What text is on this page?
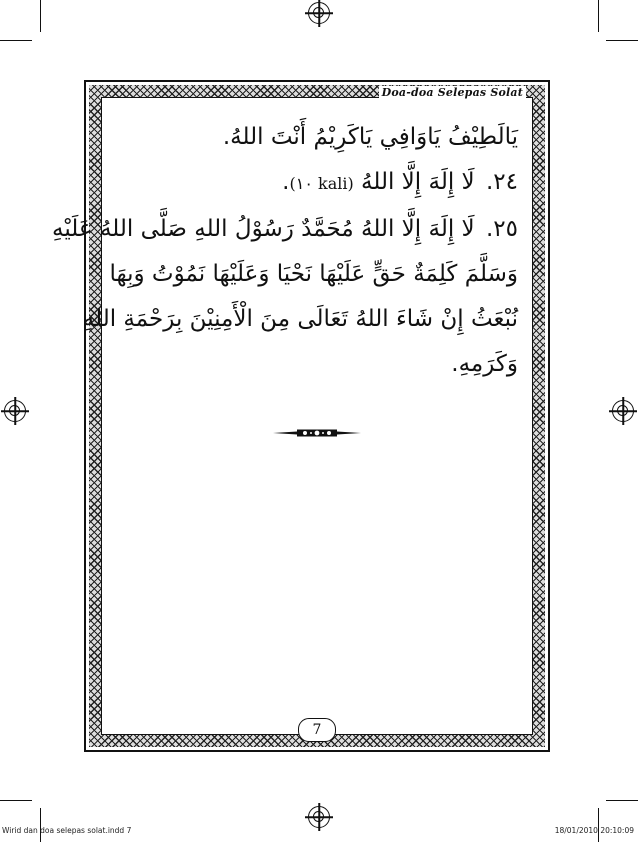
Doa-doa Selepas Solat
يَالَطِيْفُ يَاوَافِي يَاكَرِيْمُ أَنْتَ اللهُ.
٢٤. لَا إِلَهَ إِلَّا اللهُ (١٠ kali).
٢٥. لَا إِلَهَ إِلَّا اللهُ مُحَمَّدٌ رَسُوْلُ اللهِ صَلَّى اللهُ عَلَيْهِ
وَسَلَّمَ كَلِمَةٌ حَقٍّ عَلَيْهَا نَحْيَا وَعَلَيْهَا نَمُوْتُ وَبِهَا
نُبْعَثُ إِنْ شَاءَ اللهُ تَعَالَى مِنَ الْأَمِنِيْنَ بِرَحْمَةِ اللهِ
وَكَرَمِهِ.
7
Wirid dan doa selepas solat.indd 7	18/01/2010 20:10:09
